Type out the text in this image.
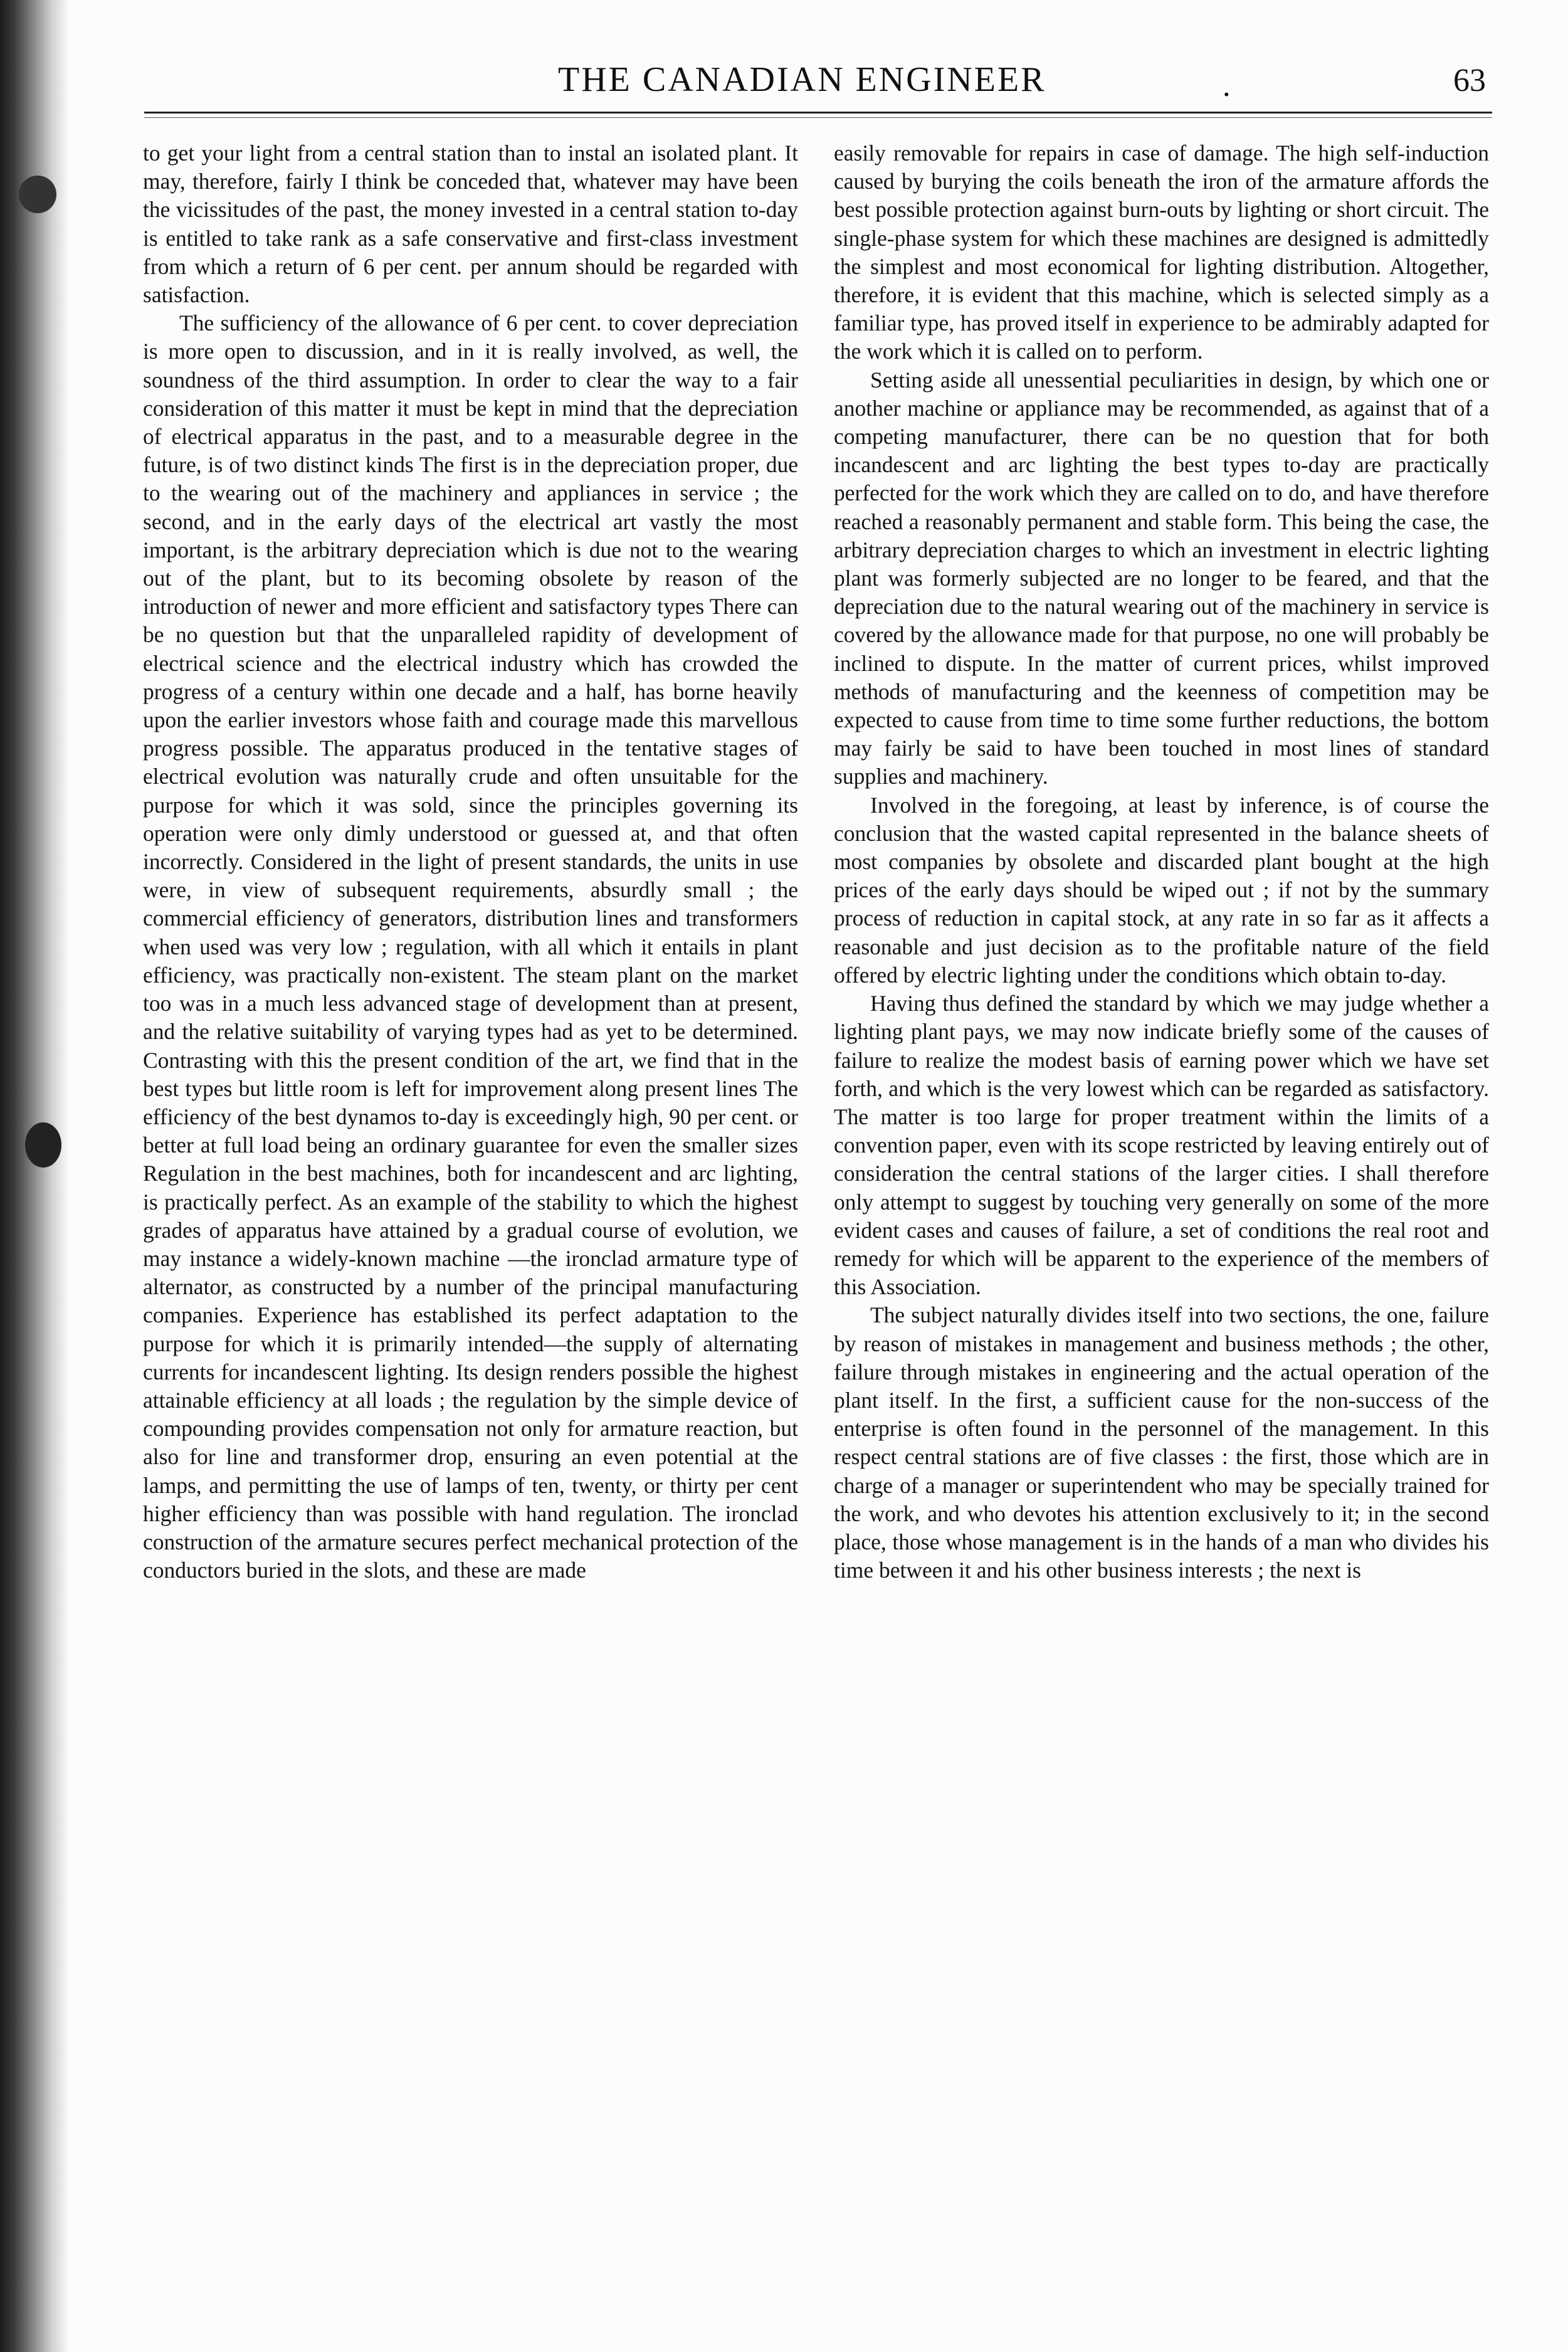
THE CANADIAN ENGINEER	.	63

to get your light from a central station than to instal an isolated plant. It may, therefore, fairly I think be conceded that, whatever may have been the vicissitudes of the past, the money invested in a central station to-day is entitled to take rank as a safe conservative and first-class investment from which a return of 6 per cent. per annum should be regarded with satisfaction.

The sufficiency of the allowance of 6 per cent. to cover depreciation is more open to discussion, and in it is really involved, as well, the soundness of the third assumption. In order to clear the way to a fair consideration of this matter it must be kept in mind that the depreciation of electrical apparatus in the past, and to a measurable degree in the future, is of two distinct kinds The first is in the depreciation proper, due to the wearing out of the machinery and appliances in service ; the second, and in the early days of the electrical art vastly the most important, is the arbitrary depreciation which is due not to the wearing out of the plant, but to its becoming obsolete by reason of the introduction of newer and more efficient and satisfactory types There can be no question but that the unparalleled rapidity of development of electrical science and the electrical industry which has crowded the progress of a century within one decade and a half, has borne heavily upon the earlier investors whose faith and courage made this marvellous progress possible. The apparatus produced in the tentative stages of electrical evolution was naturally crude and often unsuitable for the purpose for which it was sold, since the principles governing its operation were only dimly understood or guessed at, and that often incorrectly. Considered in the light of present standards, the units in use were, in view of subsequent requirements, absurdly small ; the commercial efficiency of generators, distribution lines and transformers when used was very low ; regulation, with all which it entails in plant efficiency, was practically non-existent. The steam plant on the market too was in a much less advanced stage of development than at present, and the relative suitability of varying types had as yet to be determined. Contrasting with this the present condition of the art, we find that in the best types but little room is left for improvement along present lines The efficiency of the best dynamos to-day is exceedingly high, 90 per cent. or better at full load being an ordinary guarantee for even the smaller sizes Regulation in the best machines, both for incandescent and arc lighting, is practically perfect. As an example of the stability to which the highest grades of apparatus have attained by a gradual course of evolution, we may instance a widely-known machine —the ironclad armature type of alternator, as constructed by a number of the principal manufacturing companies. Experience has established its perfect adaptation to the purpose for which it is primarily intended—the supply of alternating currents for incandescent lighting. Its design renders possible the highest attainable efficiency at all loads ; the regulation by the simple device of compounding provides compensation not only for armature reaction, but also for line and transformer drop, ensuring an even potential at the lamps, and permitting the use of lamps of ten, twenty, or thirty per cent higher efficiency than was possible with hand regulation. The ironclad construction of the armature secures perfect mechanical protection of the conductors buried in the slots, and these are made

easily removable for repairs in case of damage. The high self-induction caused by burying the coils beneath the iron of the armature affords the best possible protection against burn-outs by lighting or short circuit. The single-phase system for which these machines are designed is admittedly the simplest and most economical for lighting distribution. Altogether, therefore, it is evident that this machine, which is selected simply as a familiar type, has proved itself in experience to be admirably adapted for the work which it is called on to perform.

Setting aside all unessential peculiarities in design, by which one or another machine or appliance may be recommended, as against that of a competing manufacturer, there can be no question that for both incandescent and arc lighting the best types to-day are practically perfected for the work which they are called on to do, and have therefore reached a reasonably permanent and stable form. This being the case, the arbitrary depreciation charges to which an investment in electric lighting plant was formerly subjected are no longer to be feared, and that the depreciation due to the natural wearing out of the machinery in service is covered by the allowance made for that purpose, no one will probably be inclined to dispute. In the matter of current prices, whilst improved methods of manufacturing and the keenness of competition may be expected to cause from time to time some further reductions, the bottom may fairly be said to have been touched in most lines of standard supplies and machinery.

Involved in the foregoing, at least by inference, is of course the conclusion that the wasted capital represented in the balance sheets of most companies by obsolete and discarded plant bought at the high prices of the early days should be wiped out ; if not by the summary process of reduction in capital stock, at any rate in so far as it affects a reasonable and just decision as to the profitable nature of the field offered by electric lighting under the conditions which obtain to-day.

Having thus defined the standard by which we may judge whether a lighting plant pays, we may now indicate briefly some of the causes of failure to realize the modest basis of earning power which we have set forth, and which is the very lowest which can be regarded as satisfactory. The matter is too large for proper treatment within the limits of a convention paper, even with its scope restricted by leaving entirely out of consideration the central stations of the larger cities. I shall therefore only attempt to suggest by touching very generally on some of the more evident cases and causes of failure, a set of conditions the real root and remedy for which will be apparent to the experience of the members of this Association.

The subject naturally divides itself into two sections, the one, failure by reason of mistakes in management and business methods ; the other, failure through mistakes in engineering and the actual operation of the plant itself. In the first, a sufficient cause for the non-success of the enterprise is often found in the personnel of the management. In this respect central stations are of five classes : the first, those which are in charge of a manager or superintendent who may be specially trained for the work, and who devotes his attention exclusively to it; in the second place, those whose management is in the hands of a man who divides his time between it and his other business interests ; the next is
